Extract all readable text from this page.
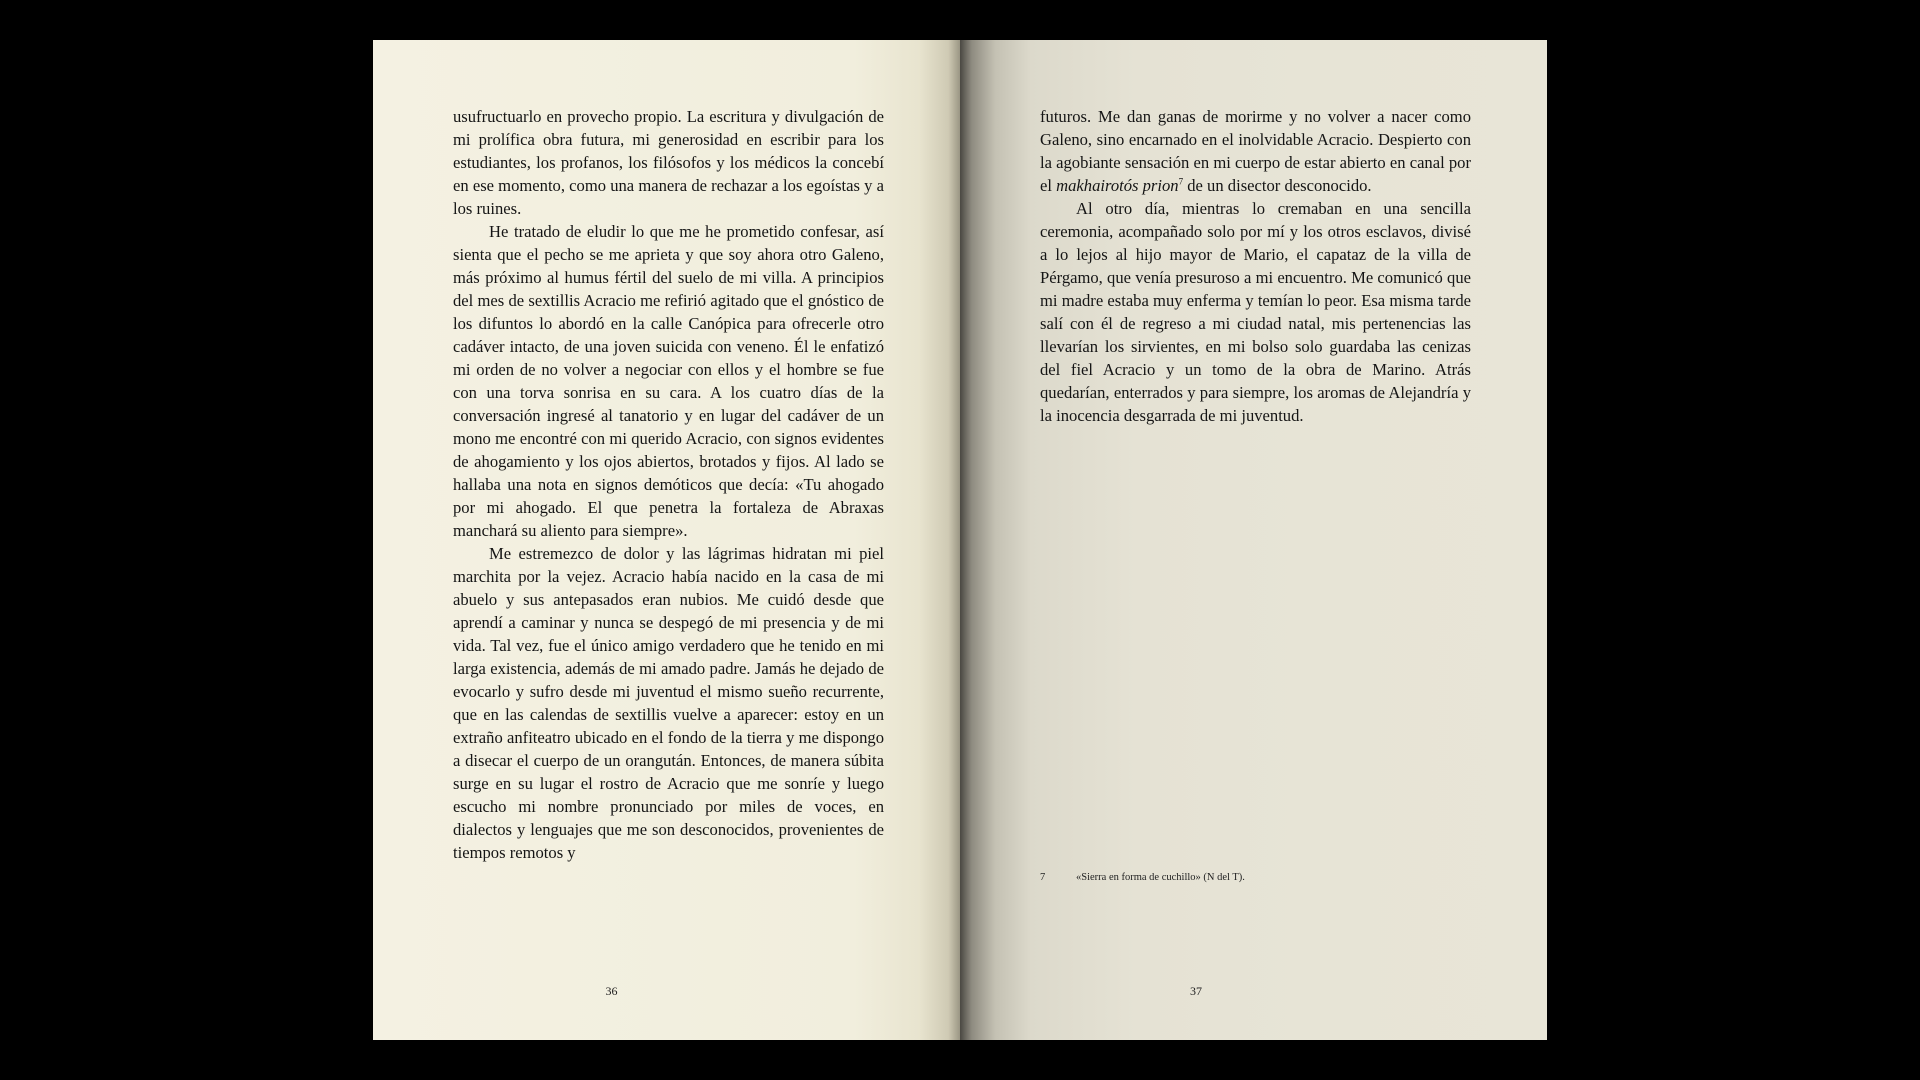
usufructuarlo en provecho propio. La escritura y divulgación de mi prolífica obra futura, mi generosidad en escribir para los estudiantes, los profanos, los filósofos y los médicos la concebí en ese momento, como una manera de rechazar a los egoístas y a los ruines.

He tratado de eludir lo que me he prometido confesar, así sienta que el pecho se me aprieta y que soy ahora otro Galeno, más próximo al humus fértil del suelo de mi villa. A principios del mes de sextillis Acracio me refirió agitado que el gnóstico de los difuntos lo abordó en la calle Canópica para ofrecerle otro cadáver intacto, de una joven suicida con veneno. Él le enfatizó mi orden de no volver a negociar con ellos y el hombre se fue con una torva sonrisa en su cara. A los cuatro días de la conversación ingresé al tanatorio y en lugar del cadáver de un mono me encontré con mi querido Acracio, con signos evidentes de ahogamiento y los ojos abiertos, brotados y fijos. Al lado se hallaba una nota en signos demóticos que decía: «Tu ahogado por mi ahogado. El que penetra la fortaleza de Abraxas manchará su aliento para siempre».

Me estremezco de dolor y las lágrimas hidratan mi piel marchita por la vejez. Acracio había nacido en la casa de mi abuelo y sus antepasados eran nubios. Me cuidó desde que aprendí a caminar y nunca se despegó de mi presencia y de mi vida. Tal vez, fue el único amigo verdadero que he tenido en mi larga existencia, además de mi amado padre. Jamás he dejado de evocarlo y sufro desde mi juventud el mismo sueño recurrente, que en las calendas de sextillis vuelve a aparecer: estoy en un extraño anfiteatro ubicado en el fondo de la tierra y me dispongo a disecar el cuerpo de un orangután. Entonces, de manera súbita surge en su lugar el rostro de Acracio que me sonríe y luego escucho mi nombre pronunciado por miles de voces, en dialectos y lenguajes que me son desconocidos, provenientes de tiempos remotos y

36

futuros. Me dan ganas de morirme y no volver a nacer como Galeno, sino encarnado en el inolvidable Acracio. Despierto con la agobiante sensación en mi cuerpo de estar abierto en canal por el makhairotós prion$^7$ de un disector desconocido.

Al otro día, mientras lo cremaban en una sencilla ceremonia, acompañado solo por mí y los otros esclavos, divisé a lo lejos al hijo mayor de Mario, el capataz de la villa de Pérgamo, que venía presuroso a mi encuentro. Me comunicó que mi madre estaba muy enferma y temían lo peor. Esa misma tarde salí con él de regreso a mi ciudad natal, mis pertenencias las llevarían los sirvientes, en mi bolso solo guardaba las cenizas del fiel Acracio y un tomo de la obra de Marino. Atrás quedarían, enterrados y para siempre, los aromas de Alejandría y la inocencia desgarrada de mi juventud.

7	«Sierra en forma de cuchillo» (N del T).
37
